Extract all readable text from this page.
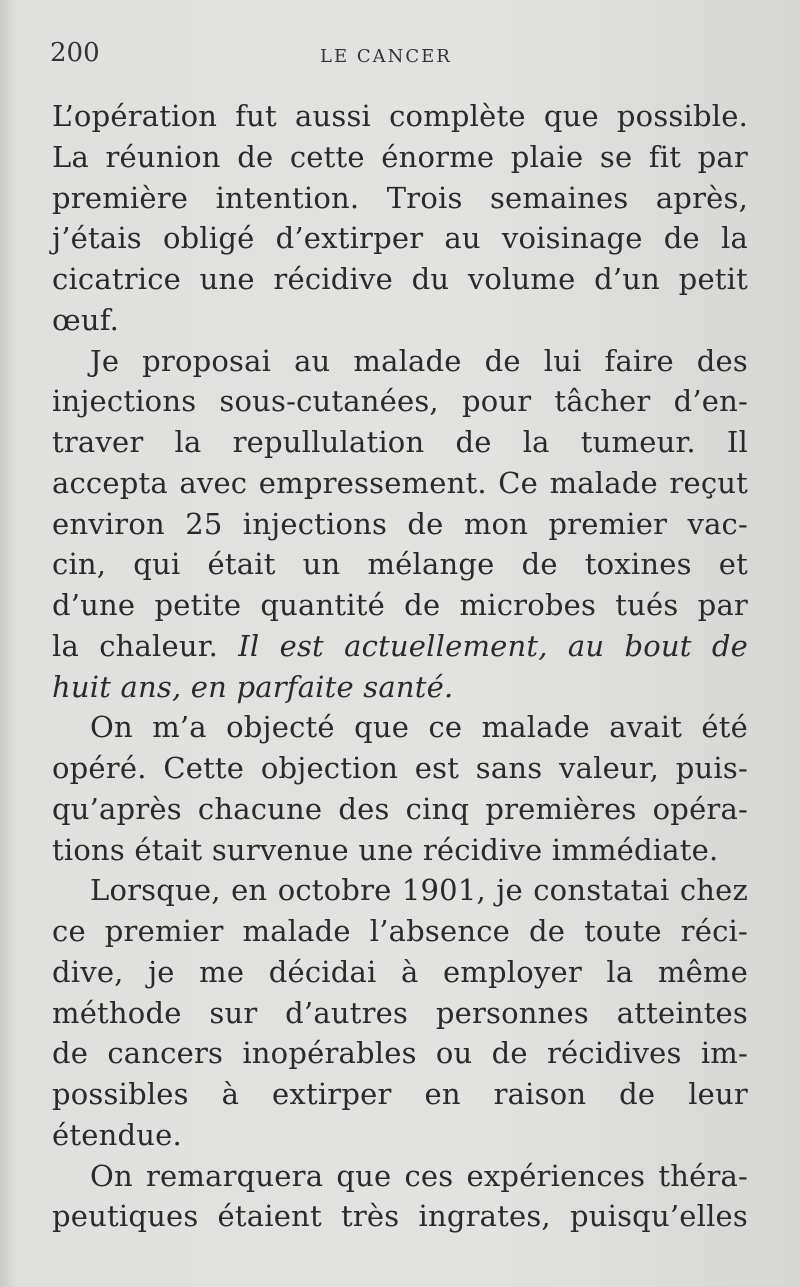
200	LE CANCER
L’opération fut aussi complète que possible.
La réunion de cette énorme plaie se fit par
première intention. Trois semaines après,
j’étais obligé d’extirper au voisinage de la
cicatrice une récidive du volume d’un petit
œuf.
Je proposai au malade de lui faire des
injections sous-cutanées, pour tâcher d’en-
traver la repullulation de la tumeur. Il
accepta avec empressement. Ce malade reçut
environ 25 injections de mon premier vac-
cin, qui était un mélange de toxines et
d’une petite quantité de microbes tués par
la chaleur. Il est actuellement, au bout de
huit ans, en parfaite santé.
On m’a objecté que ce malade avait été
opéré. Cette objection est sans valeur, puis-
qu’après chacune des cinq premières opéra-
tions était survenue une récidive immédiate.
Lorsque, en octobre 1901, je constatai chez
ce premier malade l’absence de toute réci-
dive, je me décidai à employer la même
méthode sur d’autres personnes atteintes
de cancers inopérables ou de récidives im-
possibles à extirper en raison de leur
étendue.
On remarquera que ces expériences théra-
peutiques étaient très ingrates, puisqu’elles
